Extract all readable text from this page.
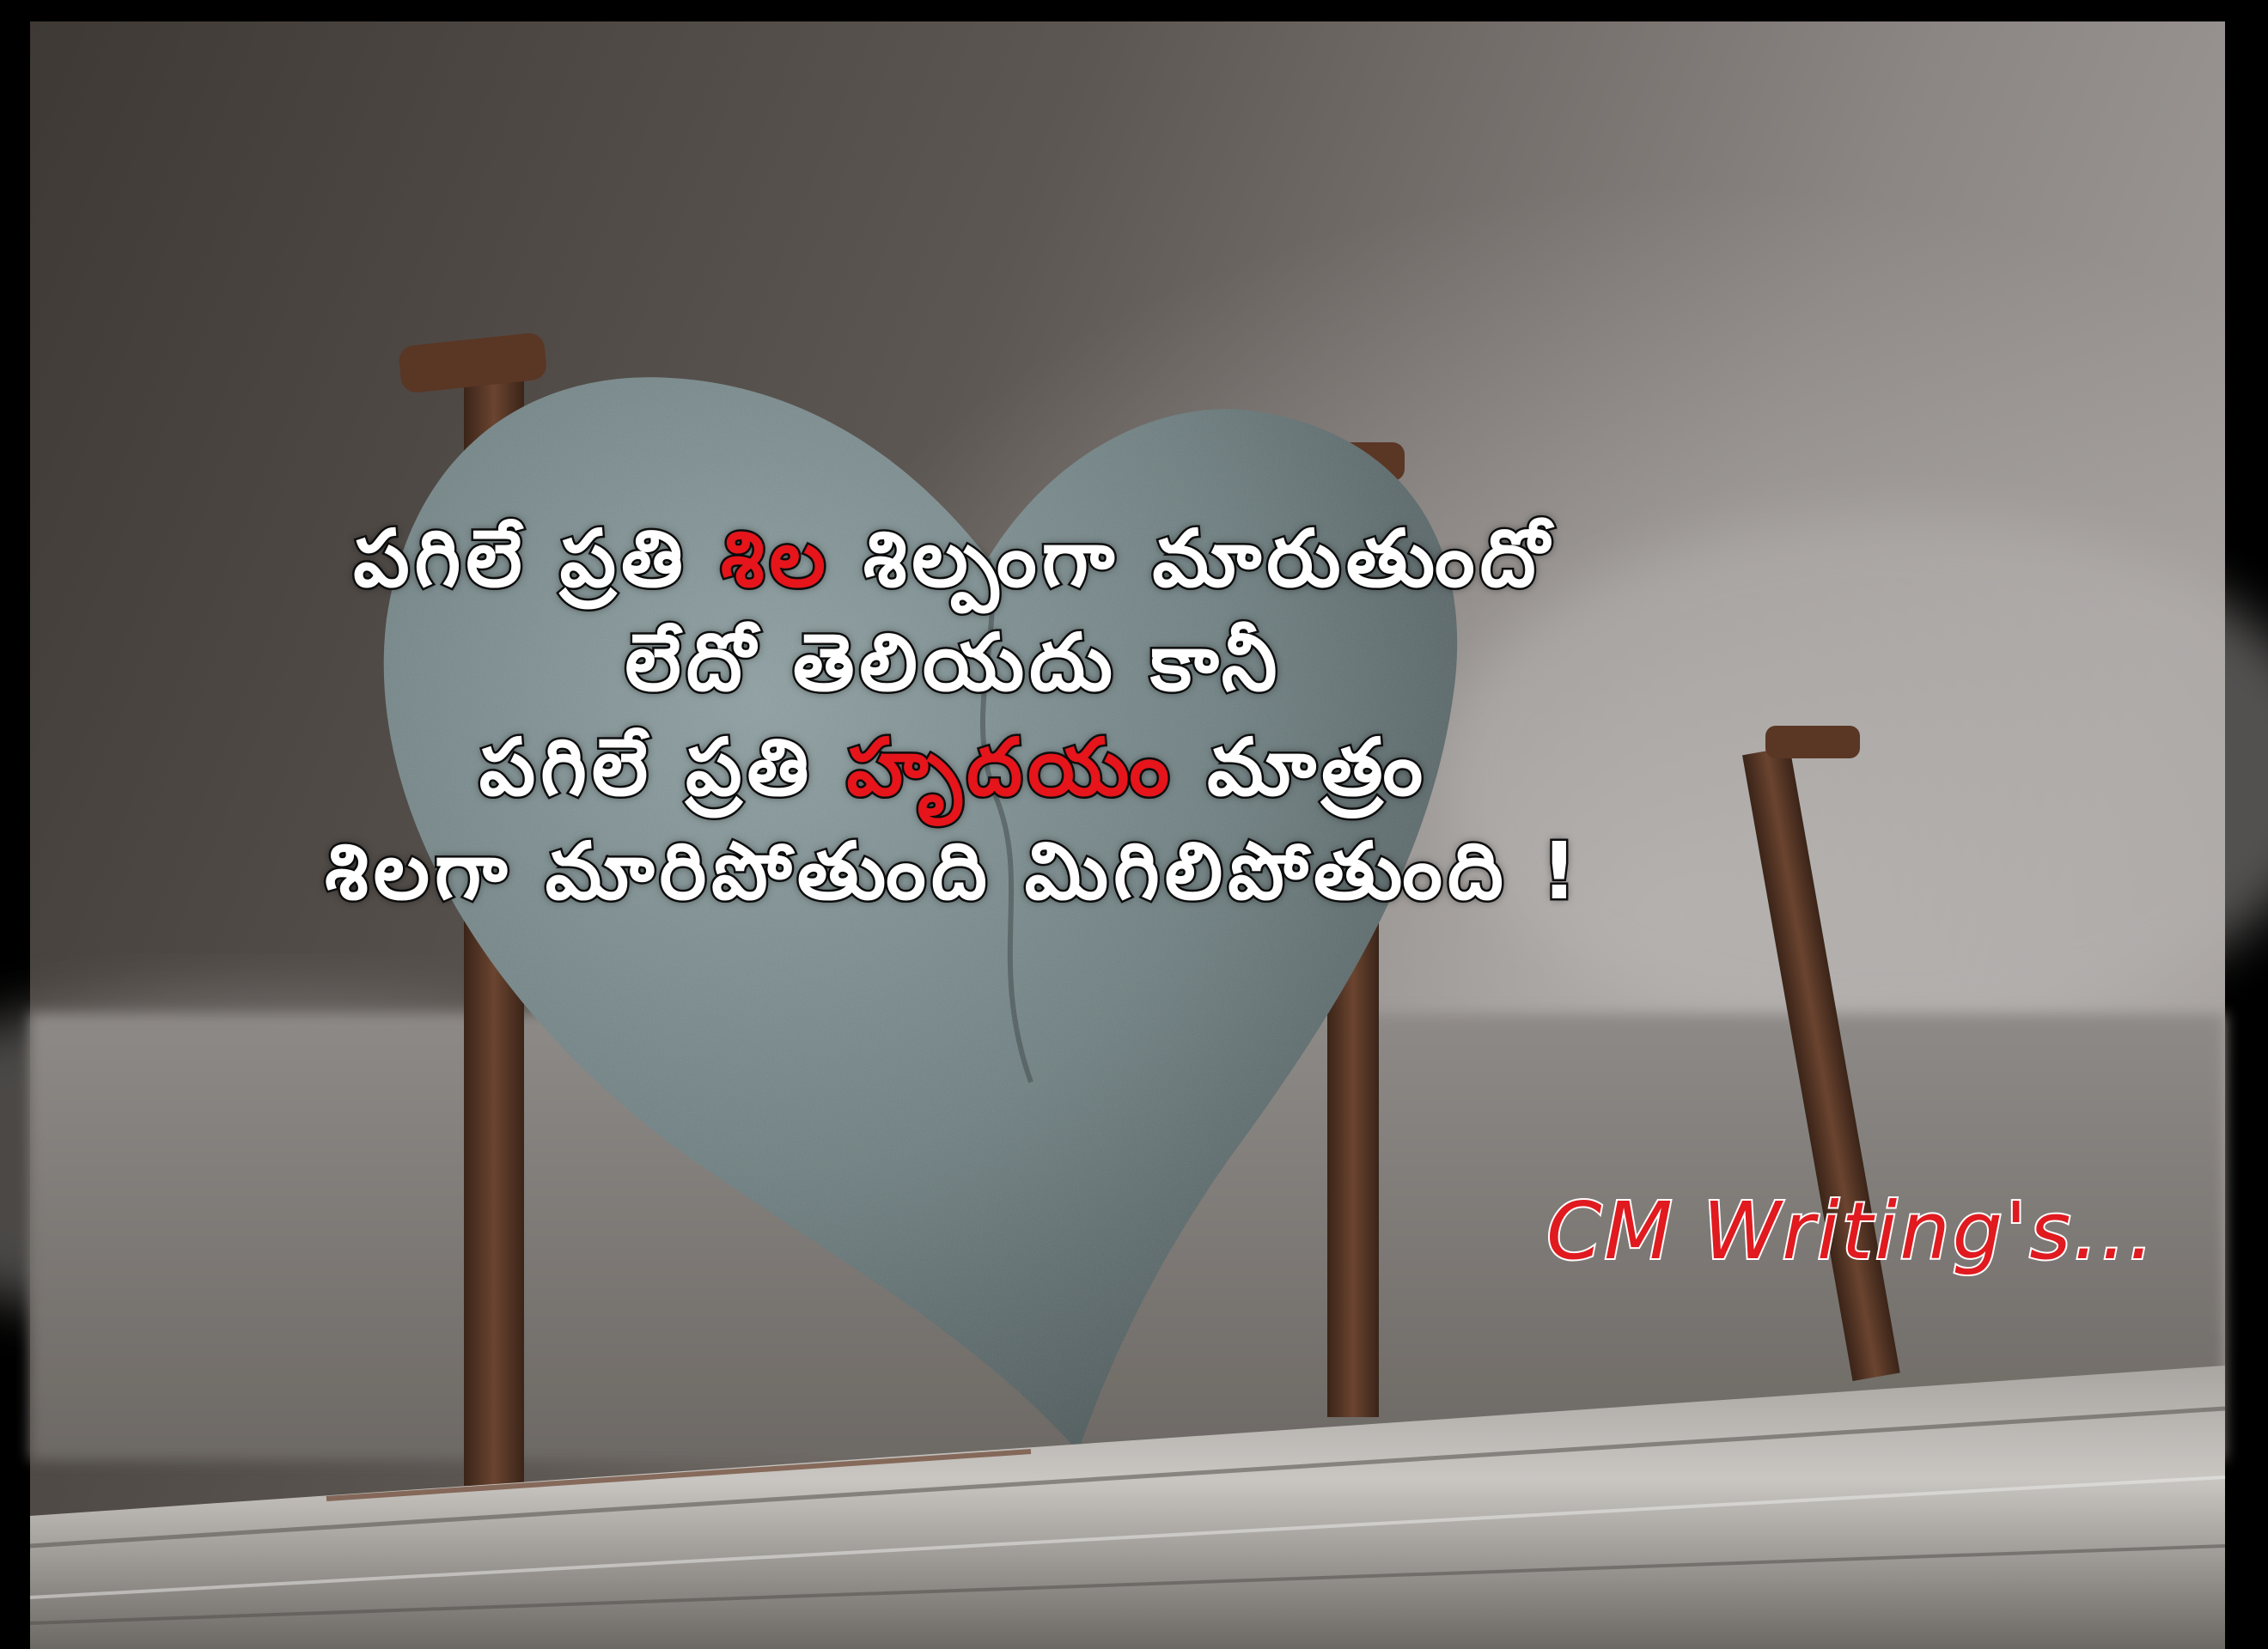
పగిలే ప్రతి శిల శిల్పంగా మారుతుందో
లేదో తెలియదు కానీ
పగిలే ప్రతి హృదయం మాత్రం
శిలగా మారిపోతుంది మిగిలిపోతుంది !
CM Writing's...
